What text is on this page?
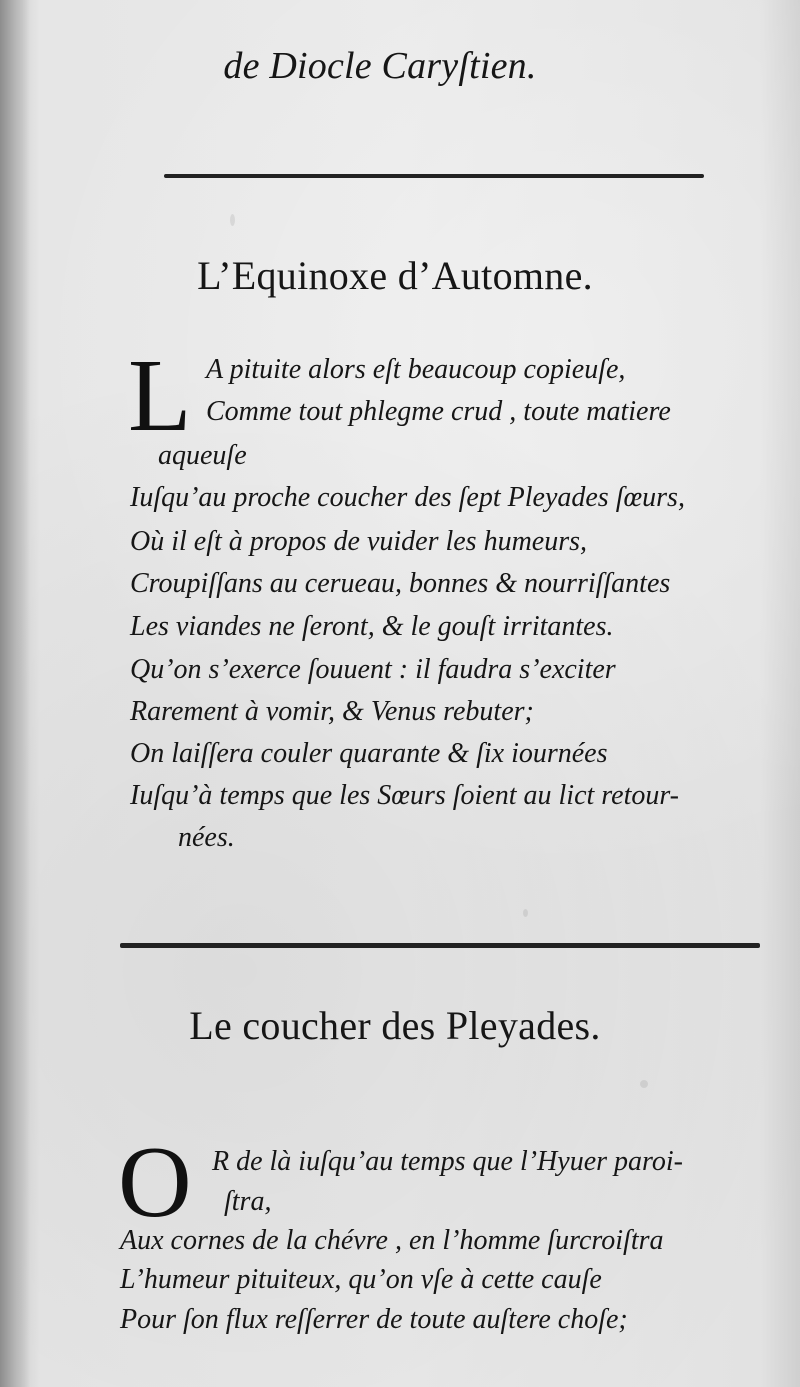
de Diocle Caryſtien.
L’Equinoxe d’Automne.
L A pituite alors eſt beaucoup copieuſe,
Comme tout phlegme crud , toute matiere
aqueuſe
Iuſqu’au proche coucher des ſept Pleyades ſœurs,
Où il eſt à propos de vuider les humeurs,
Croupiſſans au cerueau, bonnes & nourriſſantes
Les viandes ne ſeront, & le gouſt irritantes.
Qu’on s’exerce ſouuent : il faudra s’exciter
Rarement à vomir, & Venus rebuter;
On laiſſera couler quarante & ſix iournées
Iuſqu’à temps que les Sœurs ſoient au lict retour-
nées.
Le coucher des Pleyades.
O R de là iuſqu’au temps que l’Hyuer paroi-
ſtra,
Aux cornes de la chévre , en l’homme ſurcroiſtra
L’humeur pituiteux, qu’on vſe à cette cauſe
Pour ſon flux reſſerrer de toute auſtere choſe;
